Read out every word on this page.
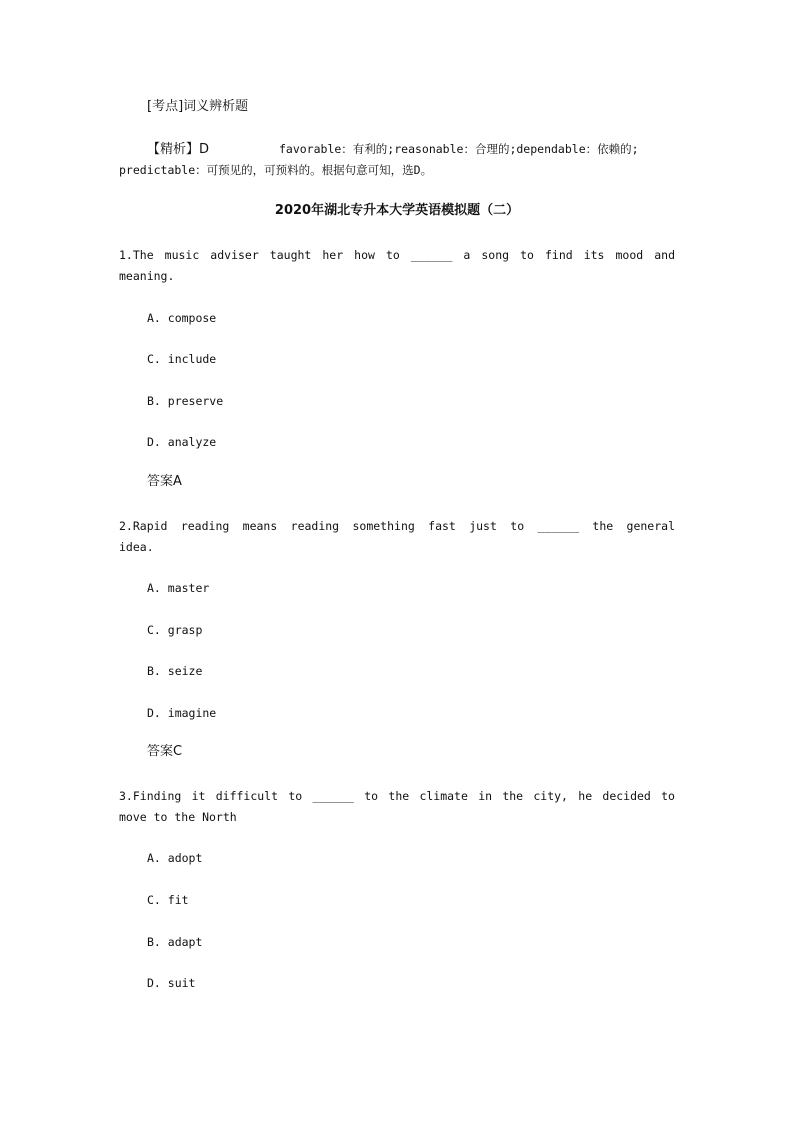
[考点]词义辨析题
【精析】D	favorable：有利的;reasonable：合理的;dependable：依赖的;
predictable：可预见的，可预料的。根据句意可知，选D。
2020年湖北专升本大学英语模拟题（二）
1.The music adviser taught her how to ______ a song to find its mood and
meaning.
A. compose
C. include
B. preserve
D. analyze
答案A
2.Rapid reading means reading something fast just to ______ the general
idea.
A. master
C. grasp
B. seize
D. imagine
答案C
3.Finding it difficult to ______ to the climate in the city, he decided to
move to the North
A. adopt
C. fit
B. adapt
D. suit
